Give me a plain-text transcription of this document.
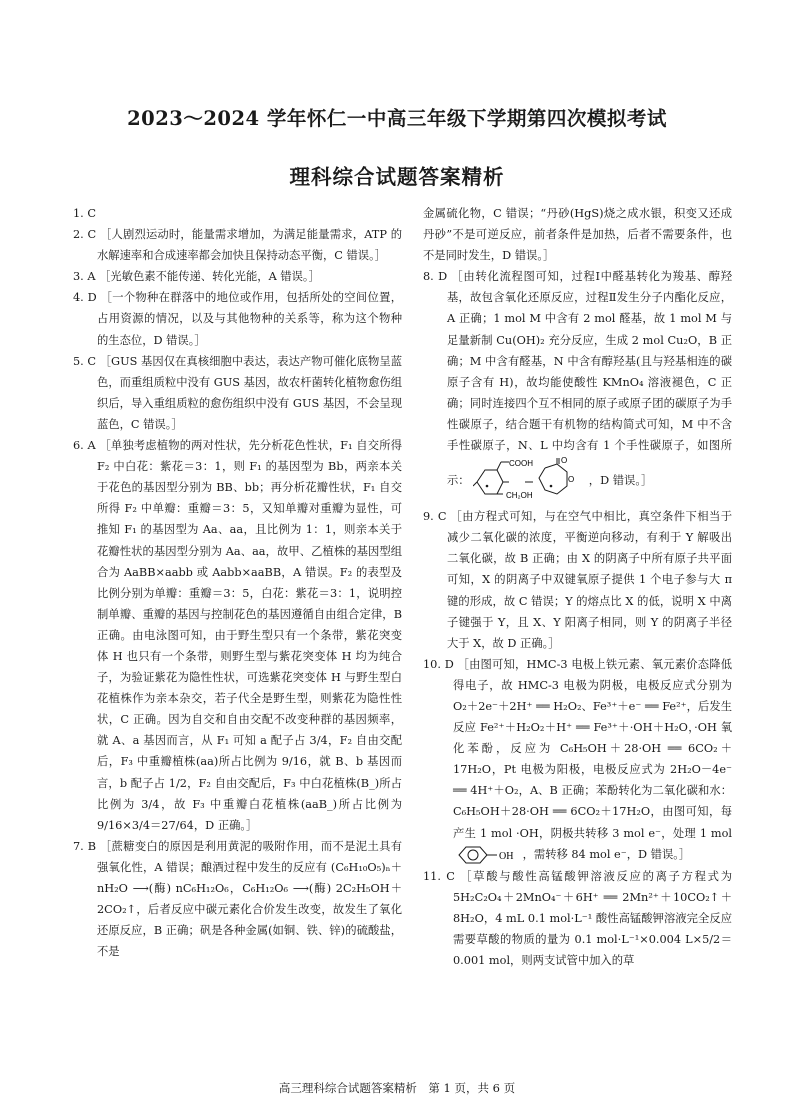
2023～2024 学年怀仁一中高三年级下学期第四次模拟考试
理科综合试题答案精析

1. C

2. C ［人剧烈运动时，能量需求增加，为满足能量需求，ATP 的水解速率和合成速率都会加快且保持动态平衡，C 错误。］

3. A ［光敏色素不能传递、转化光能，A 错误。］

4. D ［一个物种在群落中的地位或作用，包括所处的空间位置，占用资源的情况，以及与其他物种的关系等，称为这个物种的生态位，D 错误。］

5. C ［GUS 基因仅在真核细胞中表达，表达产物可催化底物呈蓝色，而重组质粒中没有 GUS 基因，故农杆菌转化植物愈伤组织后，导入重组质粒的愈伤组织中没有 GUS 基因，不会呈现蓝色，C 错误。］

6. A ［单独考虑植物的两对性状，先分析花色性状，F₁ 自交所得 F₂ 中白花：紫花＝3：1，则 F₁ 的基因型为 Bb，两亲本关于花色的基因型分别为 BB、bb；再分析花瓣性状，F₁ 自交所得 F₂ 中单瓣：重瓣＝3：5，又知单瓣对重瓣为显性，可推知 F₁ 的基因型为 Aa、aa，且比例为 1：1，则亲本关于花瓣性状的基因型分别为 Aa、aa，故甲、乙植株的基因型组合为 AaBB×aabb 或 Aabb×aaBB，A 错误。F₂ 的表型及比例分别为单瓣：重瓣＝3：5，白花：紫花＝3：1，说明控制单瓣、重瓣的基因与控制花色的基因遵循自由组合定律，B 正确。由电泳图可知，由于野生型只有一个条带，紫花突变体 H 也只有一个条带，则野生型与紫花突变体 H 均为纯合子，为验证紫花为隐性性状，可选紫花突变体 H 与野生型白花植株作为亲本杂交，若子代全是野生型，则紫花为隐性性状，C 正确。因为自交和自由交配不改变种群的基因频率，就 A、a 基因而言，从 F₁ 可知 a 配子占 3/4，F₂ 自由交配后，F₃ 中重瓣植株(aa)所占比例为 9/16，就 B、b 基因而言，b 配子占 1/2，F₂ 自由交配后，F₃ 中白花植株(B_)所占比例为 3/4，故 F₃ 中重瓣白花植株(aaB_)所占比例为 9/16×3/4＝27/64，D 正确。］

7. B ［蔗糖变白的原因是利用黄泥的吸附作用，而不是泥土具有强氧化性，A 错误；酿酒过程中发生的反应有 (C₆H₁₀O₅)ₙ＋nH₂O ⟶(酶) nC₆H₁₂O₆，C₆H₁₂O₆ ⟶(酶) 2C₂H₅OH＋2CO₂↑，后者反应中碳元素化合价发生改变，故发生了氧化还原反应，B 正确；矾是各种金属(如铜、铁、锌)的硫酸盐，不是

金属硫化物，C 错误；“丹砂(HgS)烧之成水银，积变又还成丹砂”不是可逆反应，前者条件是加热，后者不需要条件，也不是同时发生，D 错误。］

8. D ［由转化流程图可知，过程Ⅰ中醛基转化为羧基、醇羟基，故包含氧化还原反应，过程Ⅱ发生分子内酯化反应，A 正确；1 mol M 中含有 2 mol 醛基，故 1 mol M 与足量新制 Cu(OH)₂ 充分反应，生成 2 mol Cu₂O，B 正确；M 中含有醛基，N 中含有醇羟基(且与羟基相连的碳原子含有 H)，故均能使酸性 KMnO₄ 溶液褪色，C 正确；同时连接四个互不相同的原子或原子团的碳原子为手性碳原子，结合题干有机物的结构简式可知，M 中不含手性碳原子，N、L 中均含有 1 个手性碳原子，如图所示：
COOH
CH₂OH
O
O
，D 错误。］

9. C ［由方程式可知，与在空气中相比，真空条件下相当于减少二氧化碳的浓度，平衡逆向移动，有利于 Y 解吸出二氧化碳，故 B 正确；由 X 的阴离子中所有原子共平面可知，X 的阴离子中双键氧原子提供 1 个电子参与大 π 键的形成，故 C 错误；Y 的熔点比 X 的低，说明 X 中离子键强于 Y，且 X、Y 阳离子相同，则 Y 的阴离子半径大于 X，故 D 正确。］

10. D ［由图可知，HMC-3 电极上铁元素、氧元素价态降低得电子，故 HMC-3 电极为阴极，电极反应式分别为 O₂＋2e⁻＋2H⁺ ══ H₂O₂、Fe³⁺＋e⁻ ══ Fe²⁺，后发生反应 Fe²⁺＋H₂O₂＋H⁺ ══ Fe³⁺＋·OH＋H₂O，·OH 氧化苯酚，反应为 C₆H₅OH＋28·OH ══ 6CO₂＋17H₂O，Pt 电极为阳极，电极反应式为 2H₂O－4e⁻ ══ 4H⁺＋O₂，A、B 正确；苯酚转化为二氧化碳和水：C₆H₅OH＋28·OH ══ 6CO₂＋17H₂O，由图可知，每产生 1 mol ·OH，阴极共转移 3 mol e⁻，处理 1 mol
OH ，需转移 84 mol e⁻，D 错误。］

11. C ［草酸与酸性高锰酸钾溶液反应的离子方程式为 5H₂C₂O₄＋2MnO₄⁻＋6H⁺ ══ 2Mn²⁺＋10CO₂↑＋8H₂O，4 mL 0.1 mol·L⁻¹ 酸性高锰酸钾溶液完全反应需要草酸的物质的量为 0.1 mol·L⁻¹×0.004 L×5/2＝0.001 mol，则两支试管中加入的草

高三理科综合试题答案精析　第 1 页，共 6 页
